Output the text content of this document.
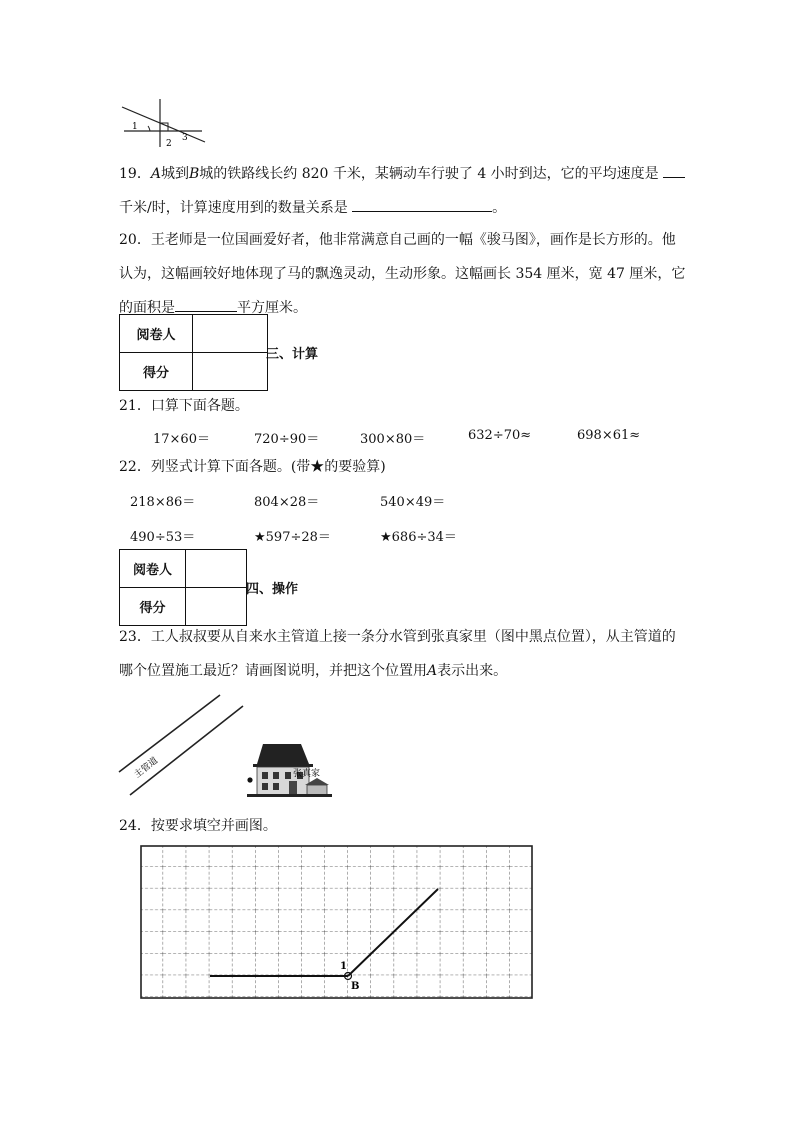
1
2
3
19．A城到B城的铁路线长约 820 千米，某辆动车行驶了 4 小时到达，它的平均速度是
千米/时，计算速度用到的数量关系是	。
20．王老师是一位国画爱好者，他非常满意自己画的一幅《骏马图》，画作是长方形的。他
认为，这幅画较好地体现了马的飘逸灵动，生动形象。这幅画长 354 厘米，宽 47 厘米，它
的面积是	平方厘米。
阅卷人	
得分	
三、计算
21．口算下面各题。
17×60＝	720÷90＝	300×80＝	632÷70≈	698×61≈
22．列竖式计算下面各题。(带★的要验算)
218×86＝	804×28＝	540×49＝
490÷53＝	★597÷28＝	★686÷34＝
阅卷人	
得分	
四、操作
23．工人叔叔要从自来水主管道上接一条分水管到张真家里（图中黑点位置），从主管道的
哪个位置施工最近？请画图说明，并把这个位置用A表示出来。
主管道	张真家
24．按要求填空并画图。
1
B
